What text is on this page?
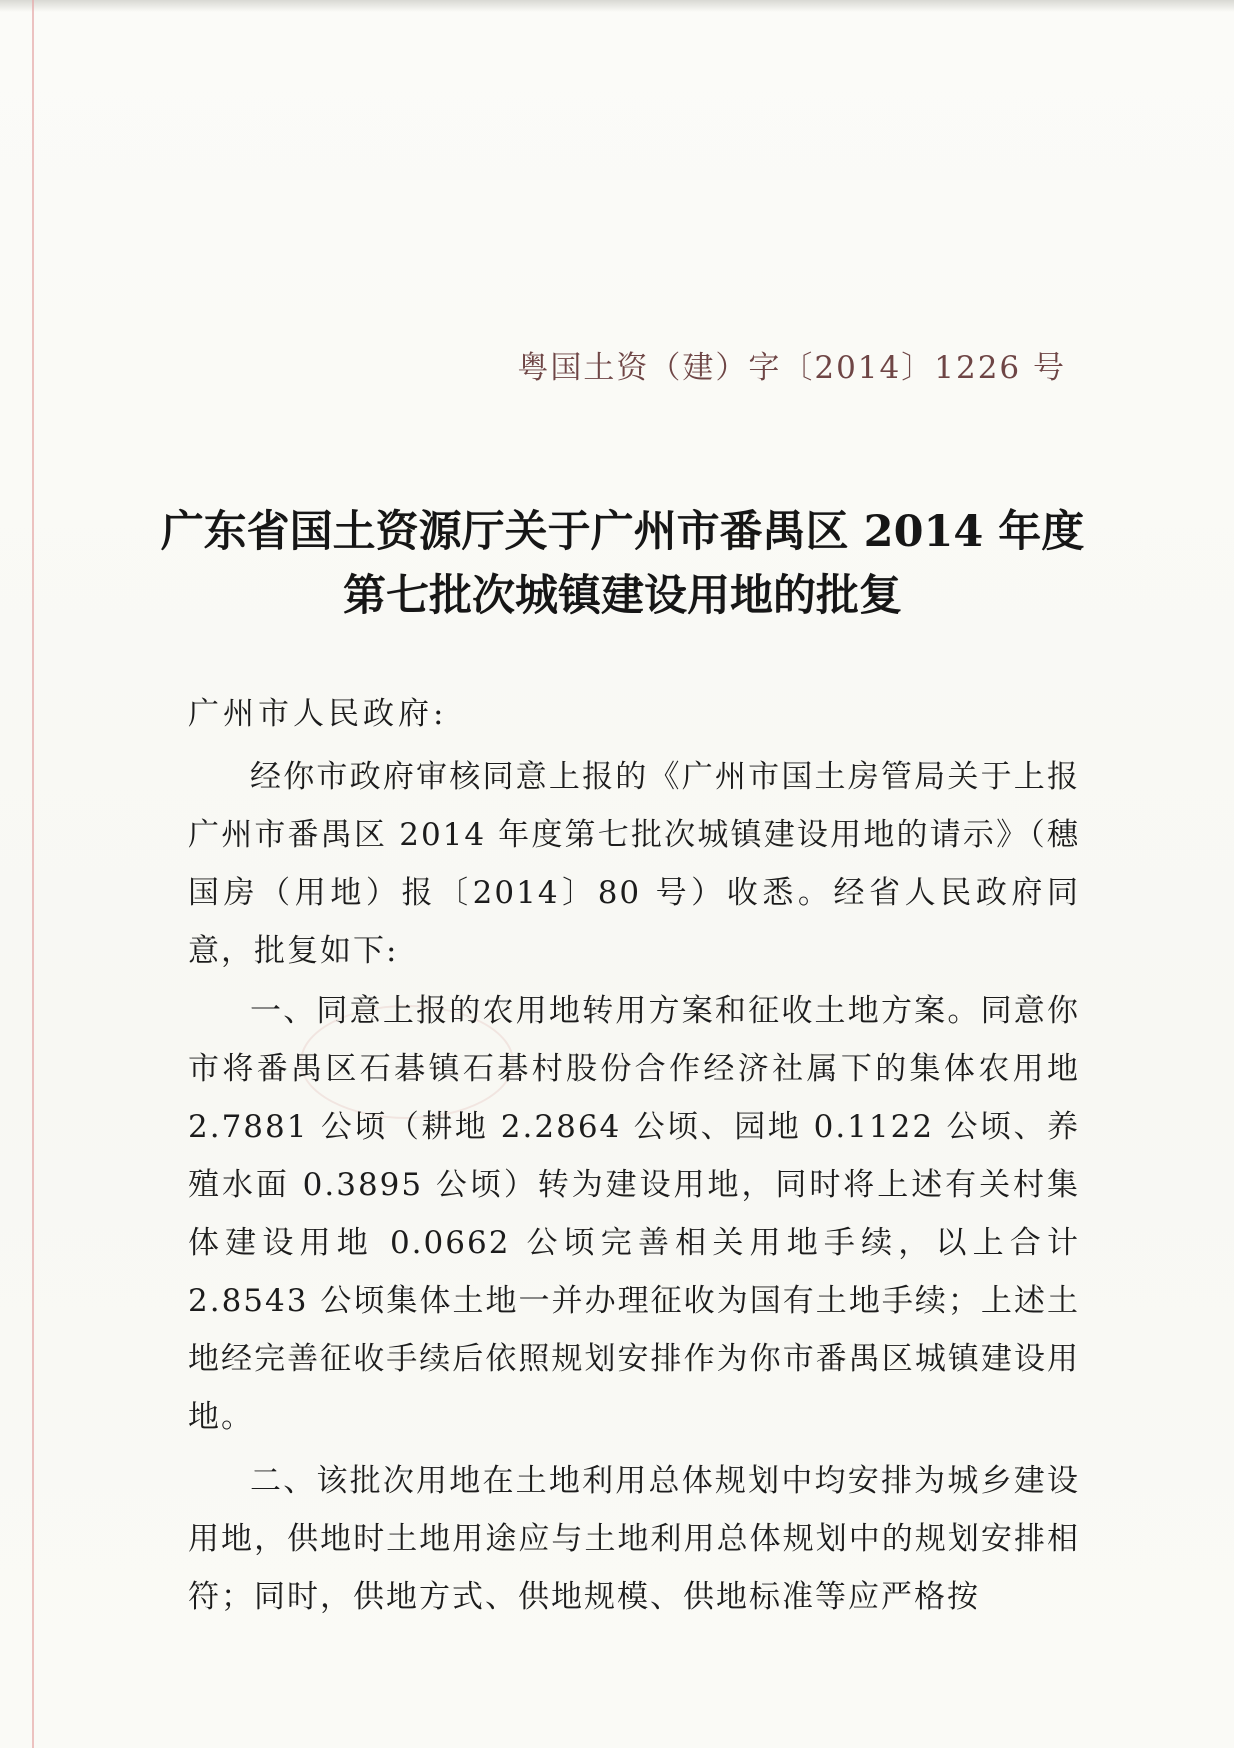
粤国土资（建）字〔2014〕1226 号
广东省国土资源厅关于广州市番禺区 2014 年度
第七批次城镇建设用地的批复
广州市人民政府:

经你市政府审核同意上报的《广州市国土房管局关于上报广州市番禺区 2014 年度第七批次城镇建设用地的请示》（穗国房（用地）报〔2014〕80 号）收悉。经省人民政府同意，批复如下:

一、同意上报的农用地转用方案和征收土地方案。同意你市将番禺区石碁镇石碁村股份合作经济社属下的集体农用地 2.7881 公顷（耕地 2.2864 公顷、园地 0.1122 公顷、养殖水面 0.3895 公顷）转为建设用地，同时将上述有关村集体建设用地 0.0662 公顷完善相关用地手续，以上合计 2.8543 公顷集体土地一并办理征收为国有土地手续；上述土地经完善征收手续后依照规划安排作为你市番禺区城镇建设用地。

二、该批次用地在土地利用总体规划中均安排为城乡建设用地，供地时土地用途应与土地利用总体规划中的规划安排相符；同时，供地方式、供地规模、供地标准等应严格按
